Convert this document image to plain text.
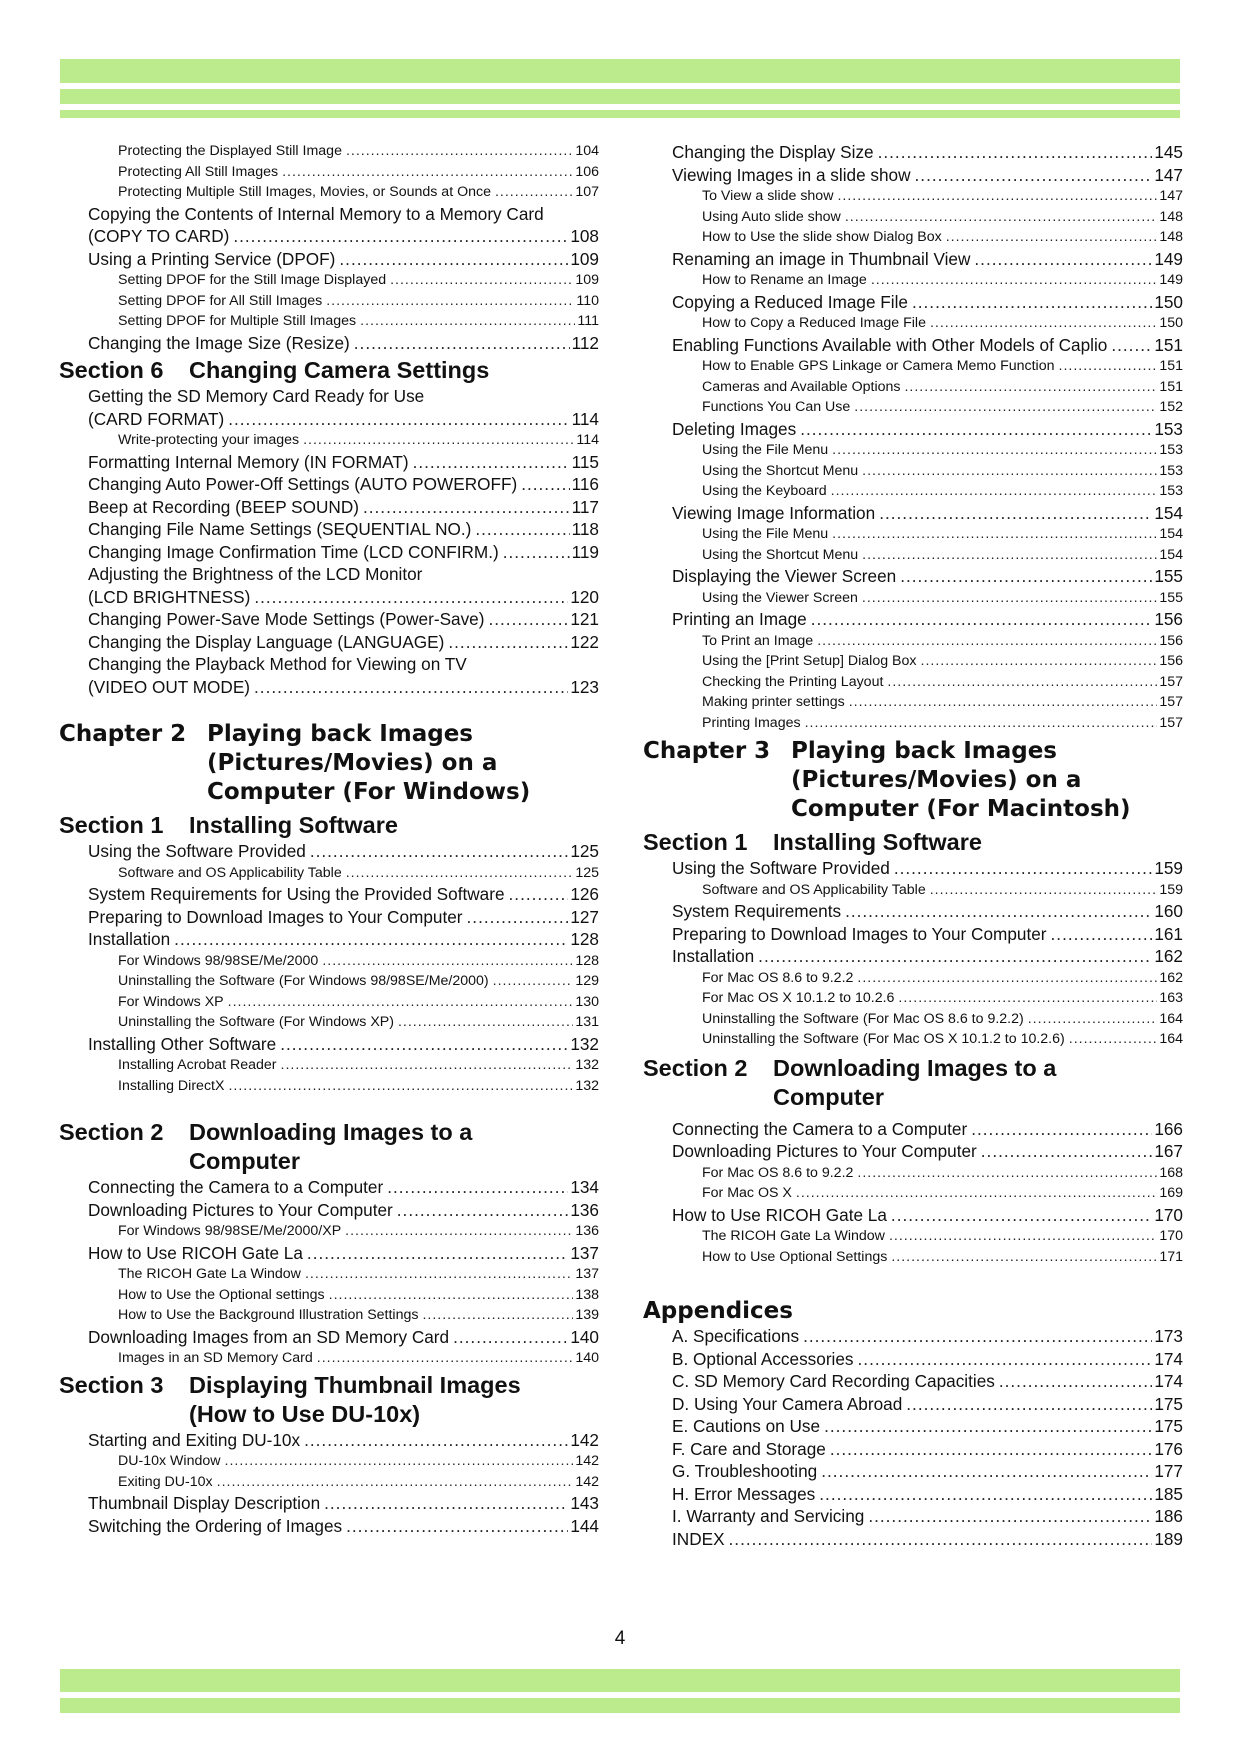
Protecting the Displayed Still Image .....	104
Protecting All Still Images .....	106
Protecting Multiple Still Images, Movies, or Sounds at Once .....	107
Copying the Contents of Internal Memory to a Memory Card
(COPY TO CARD) .....	108
Using a Printing Service (DPOF) .....	109
Setting DPOF for the Still Image Displayed .....	109
Setting DPOF for All Still Images .....	110
Setting DPOF for Multiple Still Images .....	111
Changing the Image Size (Resize) .....	112
Section 6	Changing Camera Settings
Getting the SD Memory Card Ready for Use
(CARD FORMAT) .....	114
Write-protecting your images .....	114
Formatting Internal Memory (IN FORMAT) .....	115
Changing Auto Power-Off Settings (AUTO POWEROFF) .....	116
Beep at Recording (BEEP SOUND) .....	117
Changing File Name Settings (SEQUENTIAL NO.) .....	118
Changing Image Confirmation Time (LCD CONFIRM.) .....	119
Adjusting the Brightness of the LCD Monitor
(LCD BRIGHTNESS) .....	120
Changing Power-Save Mode Settings (Power-Save) .....	121
Changing the Display Language (LANGUAGE) .....	122
Changing the Playback Method for Viewing on TV
(VIDEO OUT MODE) .....	123
Chapter 2 Playing back Images
(Pictures/Movies) on a
Computer (For Windows)
Section 1	Installing Software
Using the Software Provided .....	125
Software and OS Applicability Table .....	125
System Requirements for Using the Provided Software .....	126
Preparing to Download Images to Your Computer .....	127
Installation .....	128
For Windows 98/98SE/Me/2000 .....	128
Uninstalling the Software (For Windows 98/98SE/Me/2000) .....	129
For Windows XP .....	130
Uninstalling the Software (For Windows XP) .....	131
Installing Other Software .....	132
Installing Acrobat Reader .....	132
Installing DirectX .....	132
Section 2	Downloading Images to a
Computer
Connecting the Camera to a Computer .....	134
Downloading Pictures to Your Computer .....	136
For Windows 98/98SE/Me/2000/XP .....	136
How to Use RICOH Gate La .....	137
The RICOH Gate La Window .....	137
How to Use the Optional settings .....	138
How to Use the Background Illustration Settings .....	139
Downloading Images from an SD Memory Card .....	140
Images in an SD Memory Card .....	140
Section 3	Displaying Thumbnail Images
(How to Use DU-10x)
Starting and Exiting DU-10x .....	142
DU-10x Window .....	142
Exiting DU-10x .....	142
Thumbnail Display Description .....	143
Switching the Ordering of Images .....	144
Changing the Display Size .....	145
Viewing Images in a slide show .....	147
To View a slide show .....	147
Using Auto slide show .....	148
How to Use the slide show Dialog Box .....	148
Renaming an image in Thumbnail View .....	149
How to Rename an Image .....	149
Copying a Reduced Image File .....	150
How to Copy a Reduced Image File .....	150
Enabling Functions Available with Other Models of Caplio .....	151
How to Enable GPS Linkage or Camera Memo Function .....	151
Cameras and Available Options .....	151
Functions You Can Use .....	152
Deleting Images .....	153
Using the File Menu .....	153
Using the Shortcut Menu .....	153
Using the Keyboard .....	153
Viewing Image Information .....	154
Using the File Menu .....	154
Using the Shortcut Menu .....	154
Displaying the Viewer Screen .....	155
Using the Viewer Screen .....	155
Printing an Image .....	156
To Print an Image .....	156
Using the [Print Setup] Dialog Box .....	156
Checking the Printing Layout .....	157
Making printer settings .....	157
Printing Images .....	157
Chapter 3 Playing back Images
(Pictures/Movies) on a
Computer (For Macintosh)
Section 1	Installing Software
Using the Software Provided .....	159
Software and OS Applicability Table .....	159
System Requirements .....	160
Preparing to Download Images to Your Computer .....	161
Installation .....	162
For Mac OS 8.6 to 9.2.2 .....	162
For Mac OS X 10.1.2 to 10.2.6 .....	163
Uninstalling the Software (For Mac OS 8.6 to 9.2.2) .....	164
Uninstalling the Software (For Mac OS X 10.1.2 to 10.2.6) .....	164
Section 2	Downloading Images to a
Computer
Connecting the Camera to a Computer .....	166
Downloading Pictures to Your Computer .....	167
For Mac OS 8.6 to 9.2.2 .....	168
For Mac OS X .....	169
How to Use RICOH Gate La .....	170
The RICOH Gate La Window .....	170
How to Use Optional Settings .....	171
Appendices
A. Specifications .....	173
B. Optional Accessories .....	174
C. SD Memory Card Recording Capacities .....	174
D. Using Your Camera Abroad .....	175
E. Cautions on Use .....	175
F. Care and Storage .....	176
G. Troubleshooting .....	177
H. Error Messages .....	185
I. Warranty and Servicing .....	186
INDEX .....	189
4
